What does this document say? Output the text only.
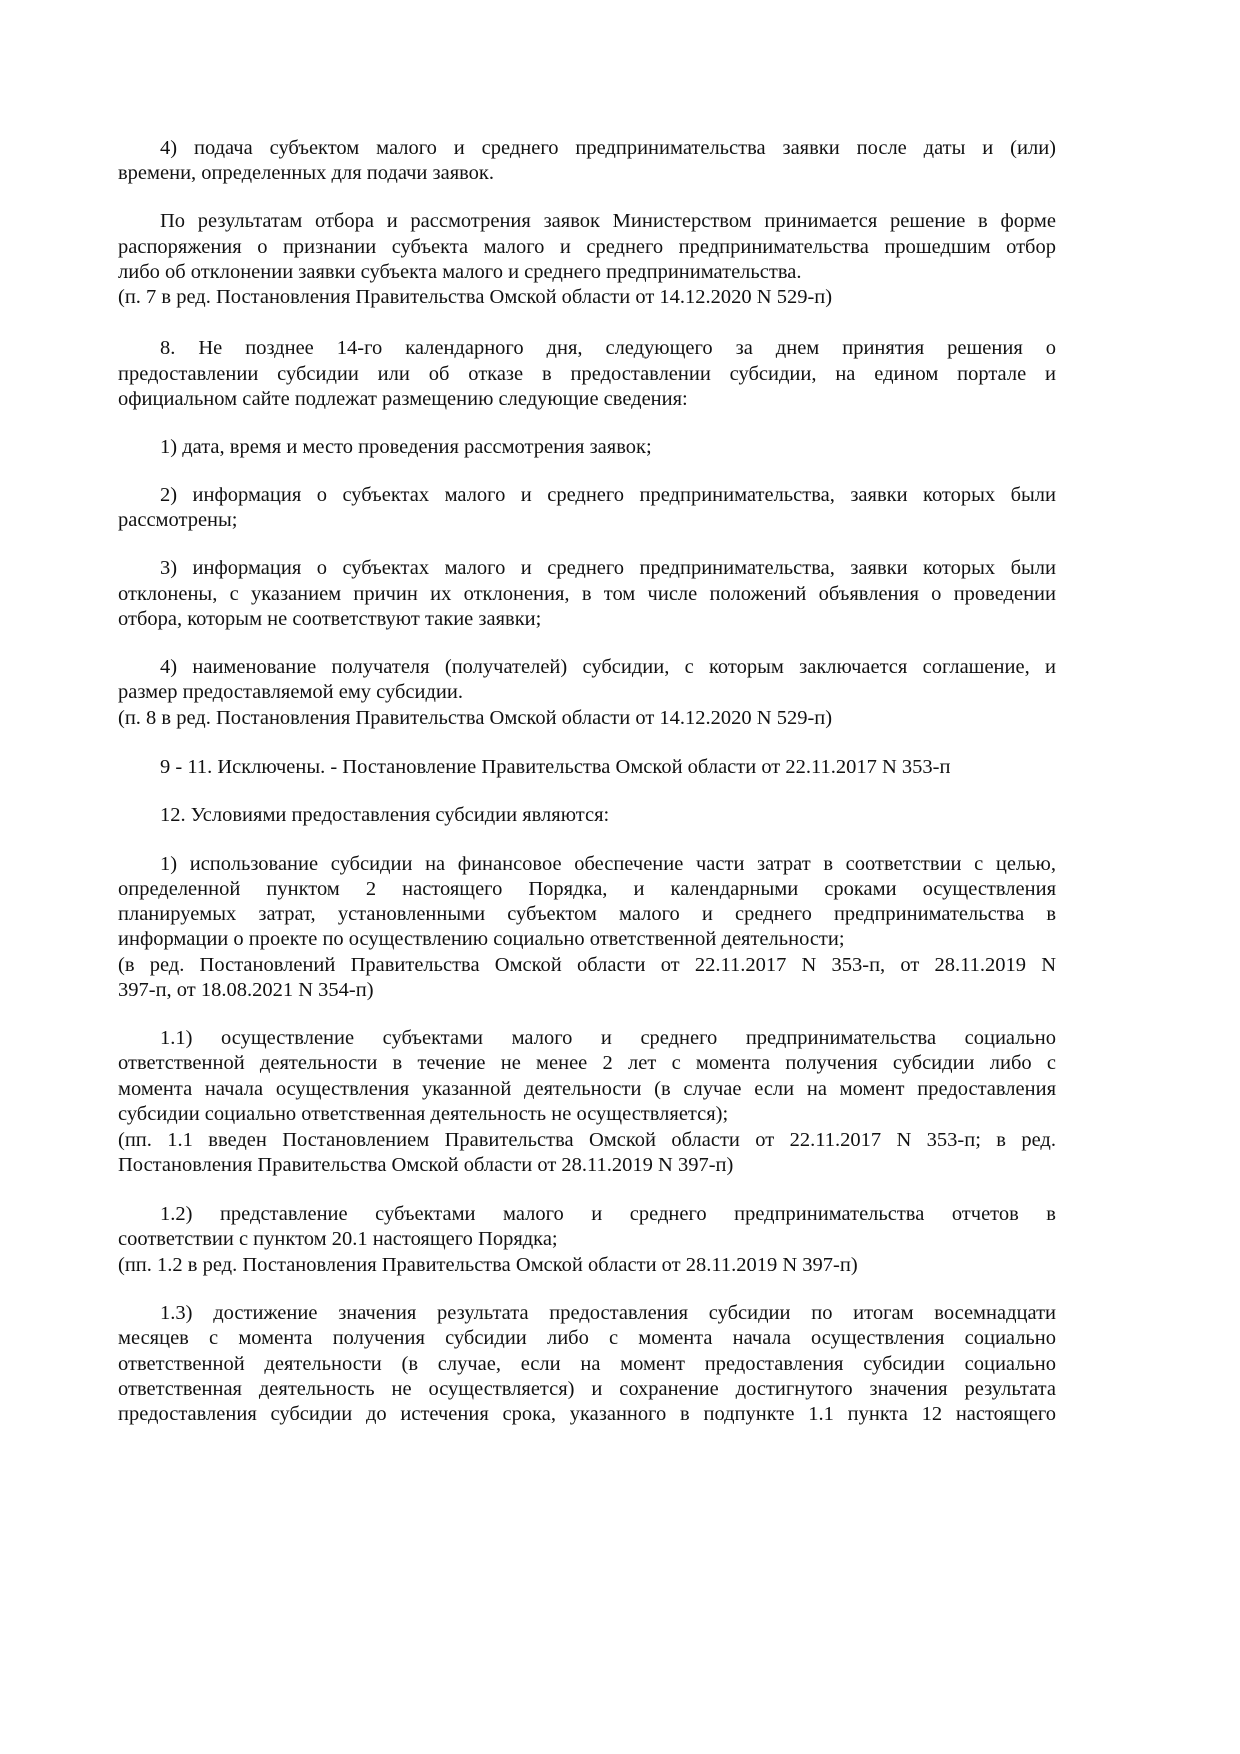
4) подача субъектом малого и среднего предпринимательства заявки после даты и (или)
времени, определенных для подачи заявок.
По результатам отбора и рассмотрения заявок Министерством принимается решение в форме
распоряжения о признании субъекта малого и среднего предпринимательства прошедшим отбор
либо об отклонении заявки субъекта малого и среднего предпринимательства.
(п. 7 в ред. Постановления Правительства Омской области от 14.12.2020 N 529-п)
8. Не позднее 14-го календарного дня, следующего за днем принятия решения о
предоставлении субсидии или об отказе в предоставлении субсидии, на едином портале и
официальном сайте подлежат размещению следующие сведения:
1) дата, время и место проведения рассмотрения заявок;
2) информация о субъектах малого и среднего предпринимательства, заявки которых были
рассмотрены;
3) информация о субъектах малого и среднего предпринимательства, заявки которых были
отклонены, с указанием причин их отклонения, в том числе положений объявления о проведении
отбора, которым не соответствуют такие заявки;
4) наименование получателя (получателей) субсидии, с которым заключается соглашение, и
размер предоставляемой ему субсидии.
(п. 8 в ред. Постановления Правительства Омской области от 14.12.2020 N 529-п)
9 - 11. Исключены. - Постановление Правительства Омской области от 22.11.2017 N 353-п
12. Условиями предоставления субсидии являются:
1) использование субсидии на финансовое обеспечение части затрат в соответствии с целью,
определенной пунктом 2 настоящего Порядка, и календарными сроками осуществления
планируемых затрат, установленными субъектом малого и среднего предпринимательства в
информации о проекте по осуществлению социально ответственной деятельности;
(в ред. Постановлений Правительства Омской области от 22.11.2017 N 353-п, от 28.11.2019 N
397-п, от 18.08.2021 N 354-п)
1.1) осуществление субъектами малого и среднего предпринимательства социально
ответственной деятельности в течение не менее 2 лет с момента получения субсидии либо с
момента начала осуществления указанной деятельности (в случае если на момент предоставления
субсидии социально ответственная деятельность не осуществляется);
(пп. 1.1 введен Постановлением Правительства Омской области от 22.11.2017 N 353-п; в ред.
Постановления Правительства Омской области от 28.11.2019 N 397-п)
1.2) представление субъектами малого и среднего предпринимательства отчетов в
соответствии с пунктом 20.1 настоящего Порядка;
(пп. 1.2 в ред. Постановления Правительства Омской области от 28.11.2019 N 397-п)
1.3) достижение значения результата предоставления субсидии по итогам восемнадцати
месяцев с момента получения субсидии либо с момента начала осуществления социально
ответственной деятельности (в случае, если на момент предоставления субсидии социально
ответственная деятельность не осуществляется) и сохранение достигнутого значения результата
предоставления субсидии до истечения срока, указанного в подпункте 1.1 пункта 12 настоящего
